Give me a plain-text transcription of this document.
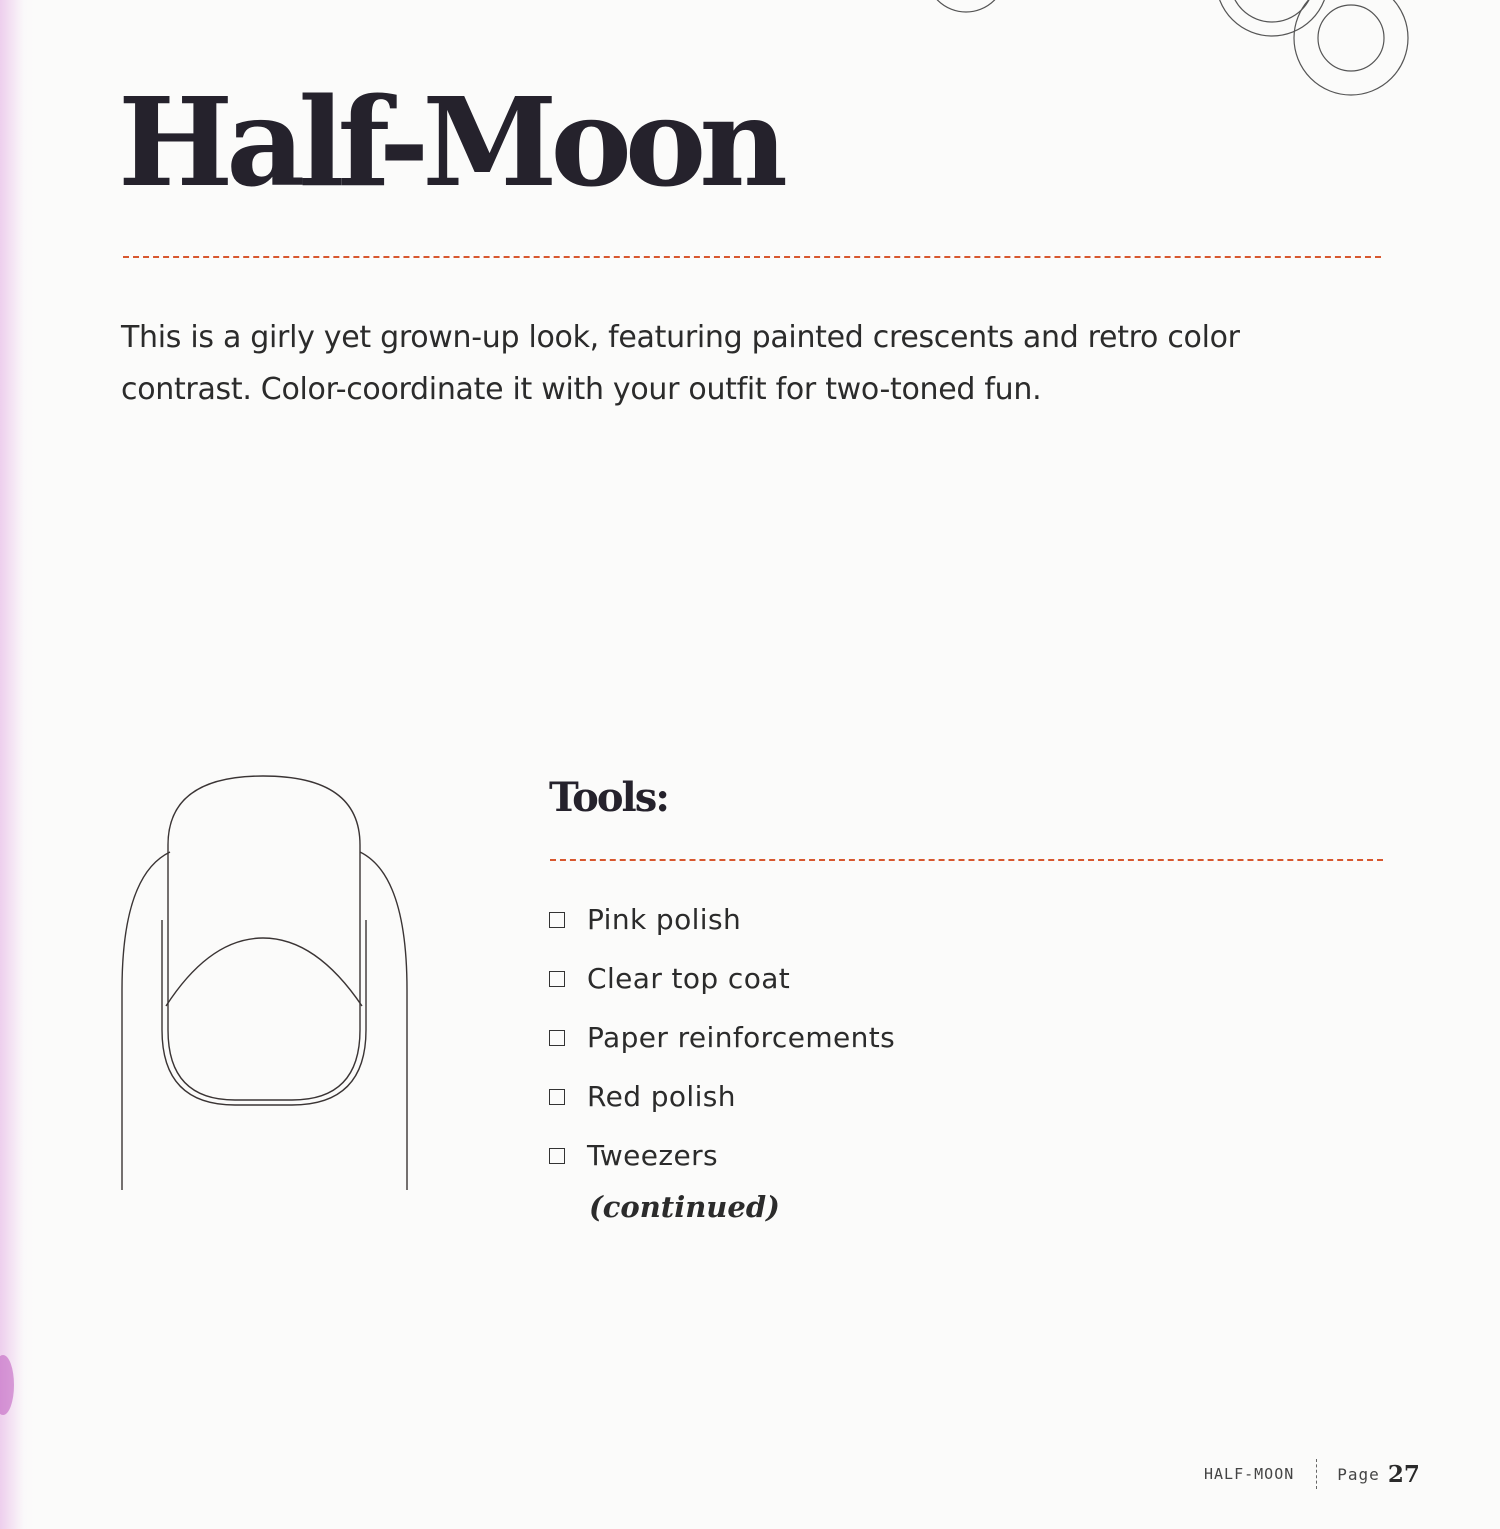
Half-Moon

This is a girly yet grown-up look, featuring painted crescents and retro color contrast. Color-coordinate it with your outfit for two-toned fun.

Tools:
Pink polish
Clear top coat
Paper reinforcements
Red polish
Tweezers
(continued)
HALF-MOON	Page 27
